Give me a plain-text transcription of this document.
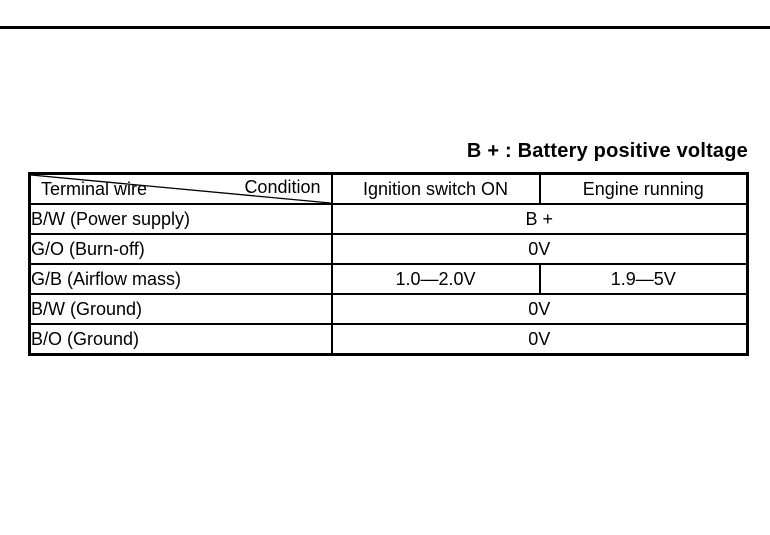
B + : Battery positive voltage
Condition
Terminal wire	Ignition switch ON	Engine running
B/W (Power supply)	B +	
G/O (Burn-off)	0V	
G/B (Airflow mass)	1.0—2.0V	1.9—5V
B/W (Ground)	0V	
B/O (Ground)	0V	
